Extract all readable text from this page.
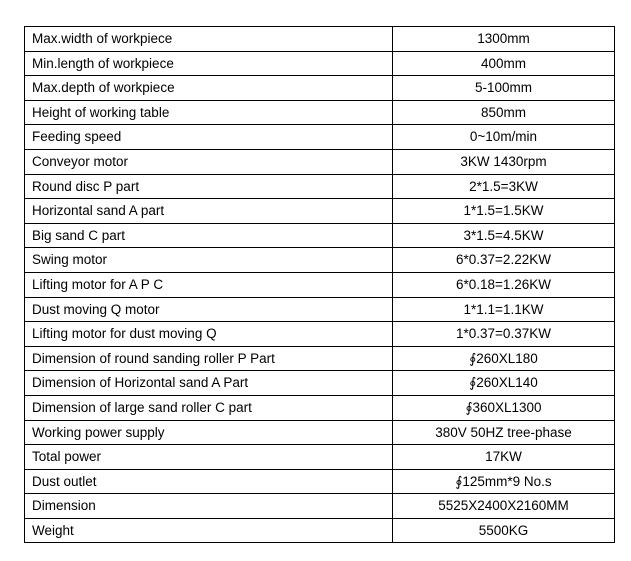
Max.width of workpiece	1300mm
Min.length of workpiece	400mm
Max.depth of workpiece	5-100mm
Height of working table	850mm
Feeding speed	0~10m/min
Conveyor motor	3KW 1430rpm
Round disc P part	2*1.5=3KW
Horizontal sand A part	1*1.5=1.5KW
Big sand C part	3*1.5=4.5KW
Swing motor	6*0.37=2.22KW
Lifting motor for A P C	6*0.18=1.26KW
Dust moving Q motor	1*1.1=1.1KW
Lifting motor for dust moving Q	1*0.37=0.37KW
Dimension of round sanding roller P Part	∮260XL180
Dimension of Horizontal sand A Part	∮260XL140
Dimension of large sand roller C part	∮360XL1300
Working power supply	380V 50HZ tree-phase
Total power	17KW
Dust outlet	∮125mm*9 No.s
Dimension	5525X2400X2160MM
Weight	5500KG
